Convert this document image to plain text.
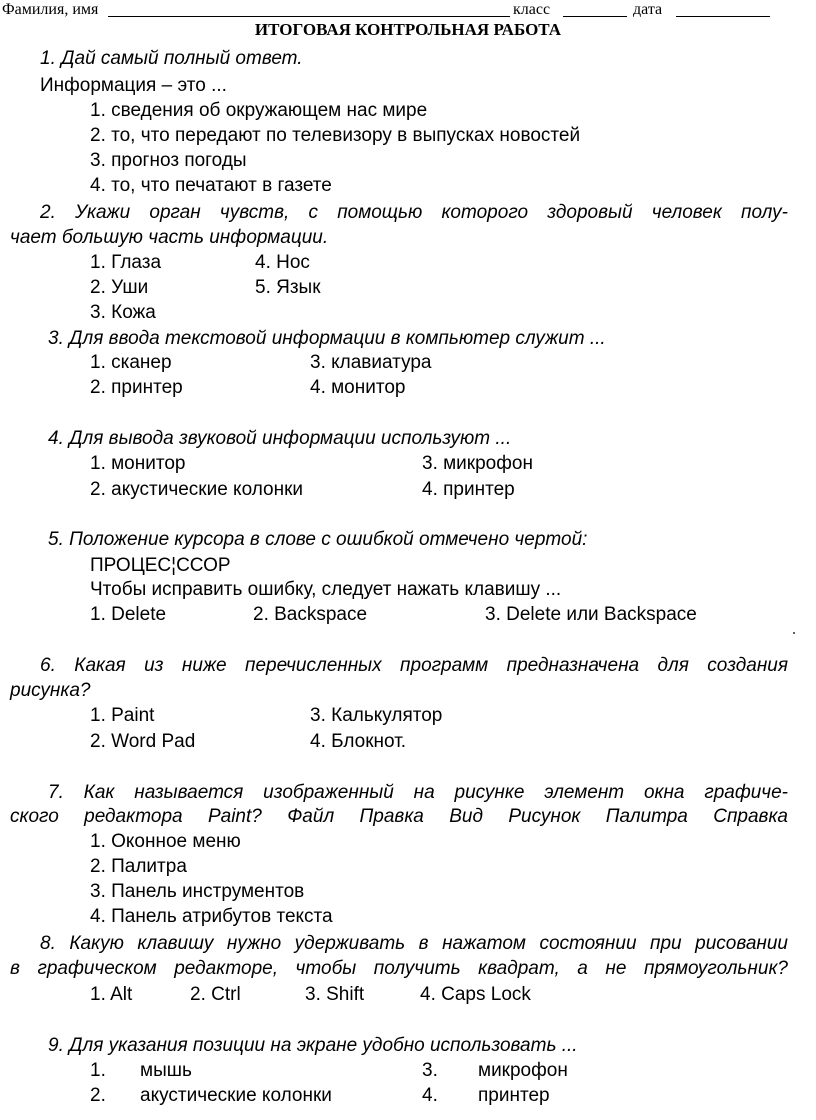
Фамилия, имя	класс	дата
ИТОГОВАЯ КОНТРОЛЬНАЯ РАБОТА
1. Дай самый полный ответ.
Информация – это ...
1. сведения об окружающем нас мире
2. то, что передают по телевизору в выпусках новостей
3. прогноз погоды
4. то, что печатают в газете
2. Укажи орган чувств, с помощью которого здоровый человек полу-
чает большую часть информации.
1. Глаза	4. Нос
2. Уши	5. Язык
3. Кожа
3. Для ввода текстовой информации в компьютер служит ...
1. сканер	3. клавиатура
2. принтер	4. монитор
4. Для вывода звуковой информации используют ...
1. монитор	3. микрофон
2. акустические колонки	4. принтер
5. Положение курсора в слове с ошибкой отмечено чертой:
ПРОЦЕС¦ССОР
Чтобы исправить ошибку, следует нажать клавишу ...
1. Delete	2. Backspace	3. Delete или Backspace
6. Какая из ниже перечисленных программ предназначена для создания
рисунка?
1. Paint	3. Калькулятор
2. Word Pad	4. Блокнот.
7. Как называется изображенный на рисунке элемент окна графиче-
ского редактора Paint? Файл Правка Вид Рисунок Палитра Справка
1. Оконное меню
2. Палитра
3. Панель инструментов
4. Панель атрибутов текста
8. Какую клавишу нужно удерживать в нажатом состоянии при рисовании
в графическом редакторе, чтобы получить квадрат, а не прямоугольник?
1. Alt	2. Ctrl	3. Shift	4. Caps Lock
9. Для указания позиции на экране удобно использовать ...
1. мышь	3. микрофон
2. акустические колонки	4. принтер
